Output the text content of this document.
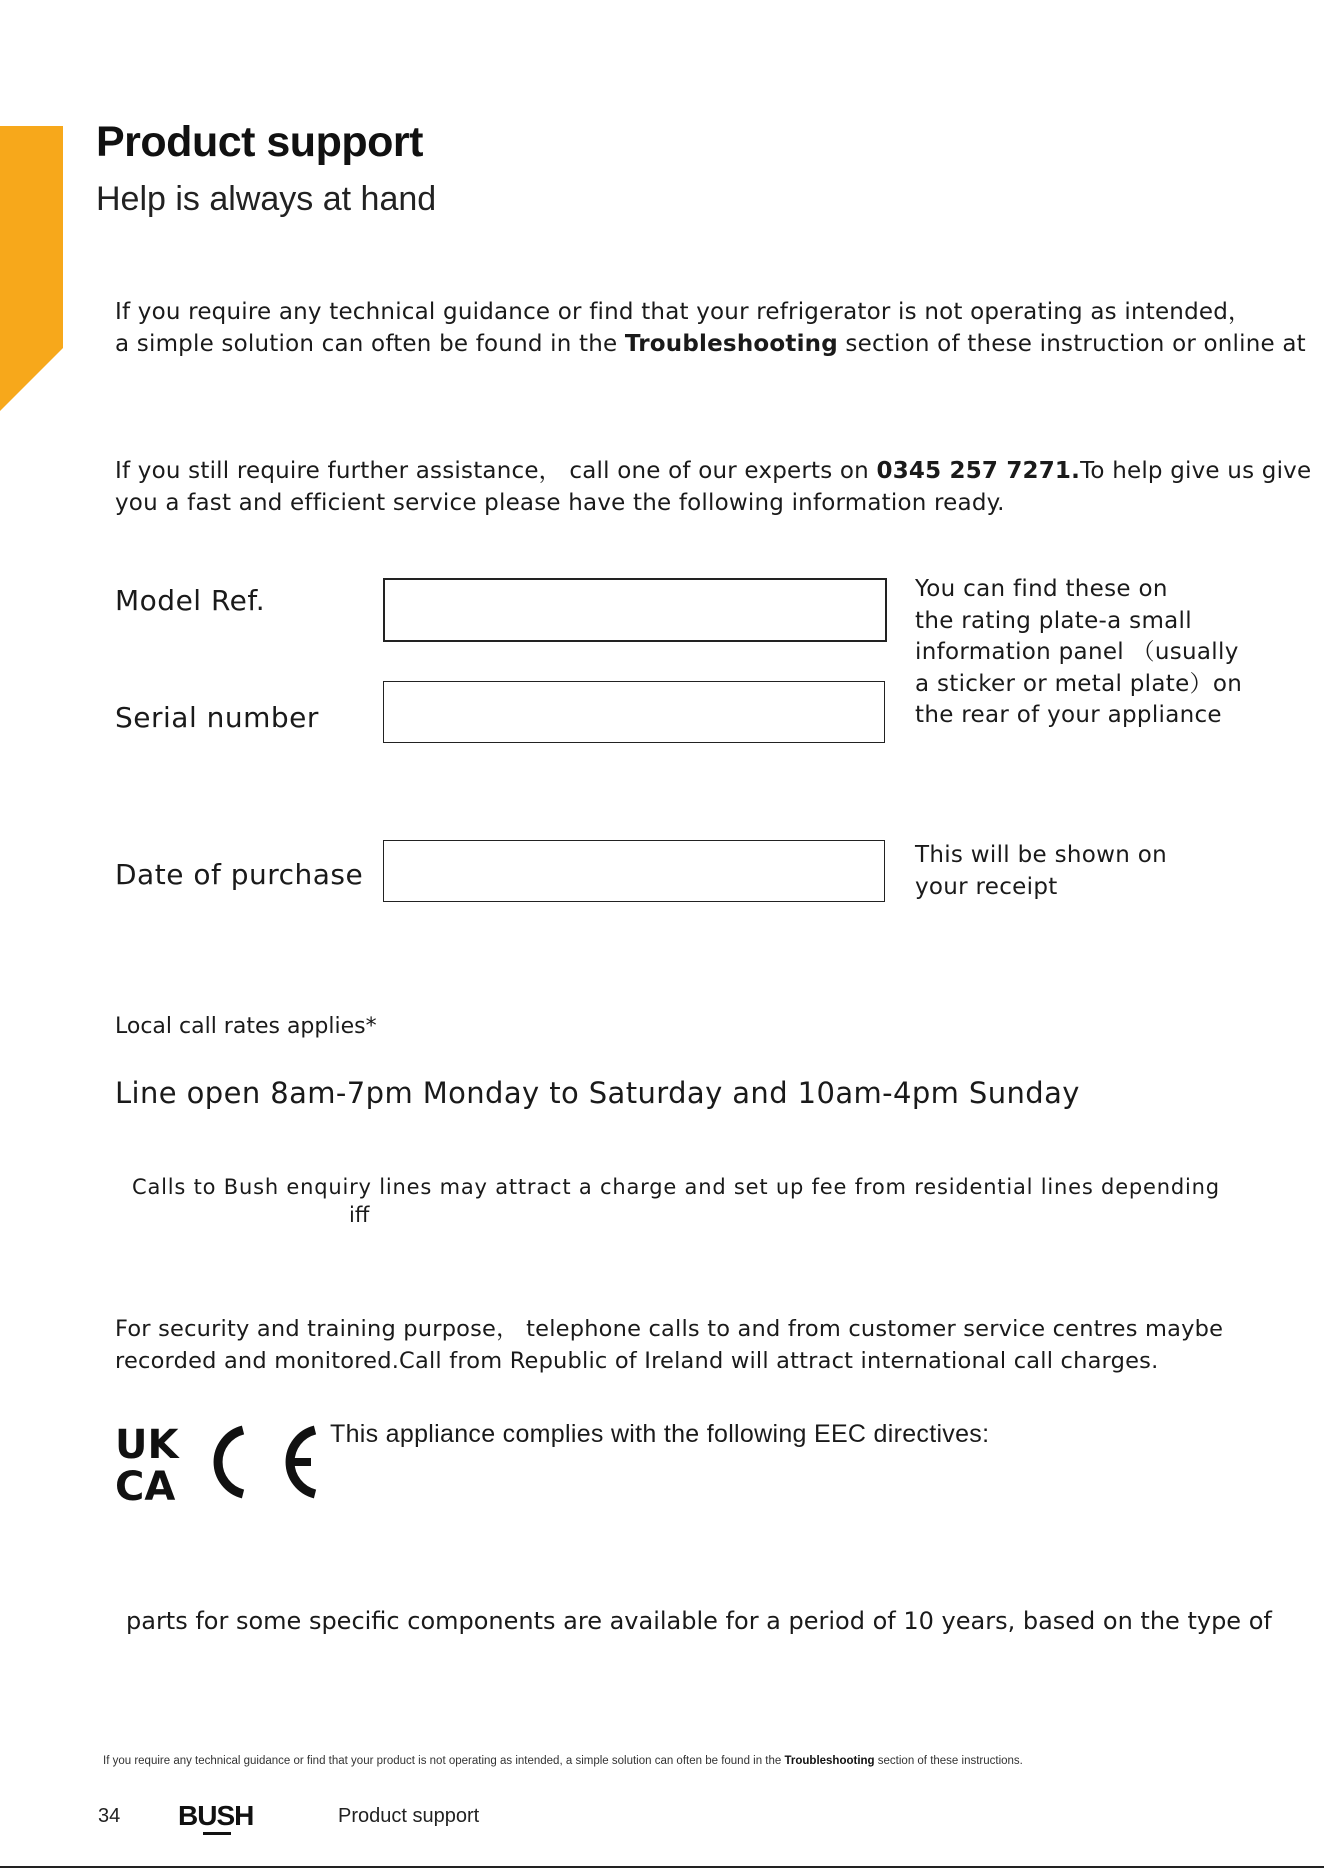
Product support
Help is always at hand
If you require any technical guidance or find that your refrigerator is not operating as intended，
a simple solution can often be found in the Troubleshooting section of these instruction or online at
If you still require further assistance， call one of our experts on 0345 257 7271.To help give us give
you a fast and efficient service please have the following information ready.
Model Ref.
Serial number
You can find these on
the rating plate-a small
information panel （usually
a sticker or metal plate）on
the rear of your appliance
Date of purchase
This will be shown on
your receipt
Local call rates applies*
Line open 8am-7pm Monday to Saturday and 10am-4pm Sunday
Calls to Bush enquiry lines may attract a charge and set up fee from residential lines depending
iff
For security and training purpose， telephone calls to and from customer service centres maybe
recorded and monitored.Call from Republic of Ireland will attract international call charges.
UK
CA
This appliance complies with the following EEC directives:
parts for some specific components are available for a period of 10 years, based on the type of
If you require any technical guidance or find that your product is not operating as intended, a simple solution can often be found in the Troubleshooting section of these instructions.
34 BUSH	Product support
